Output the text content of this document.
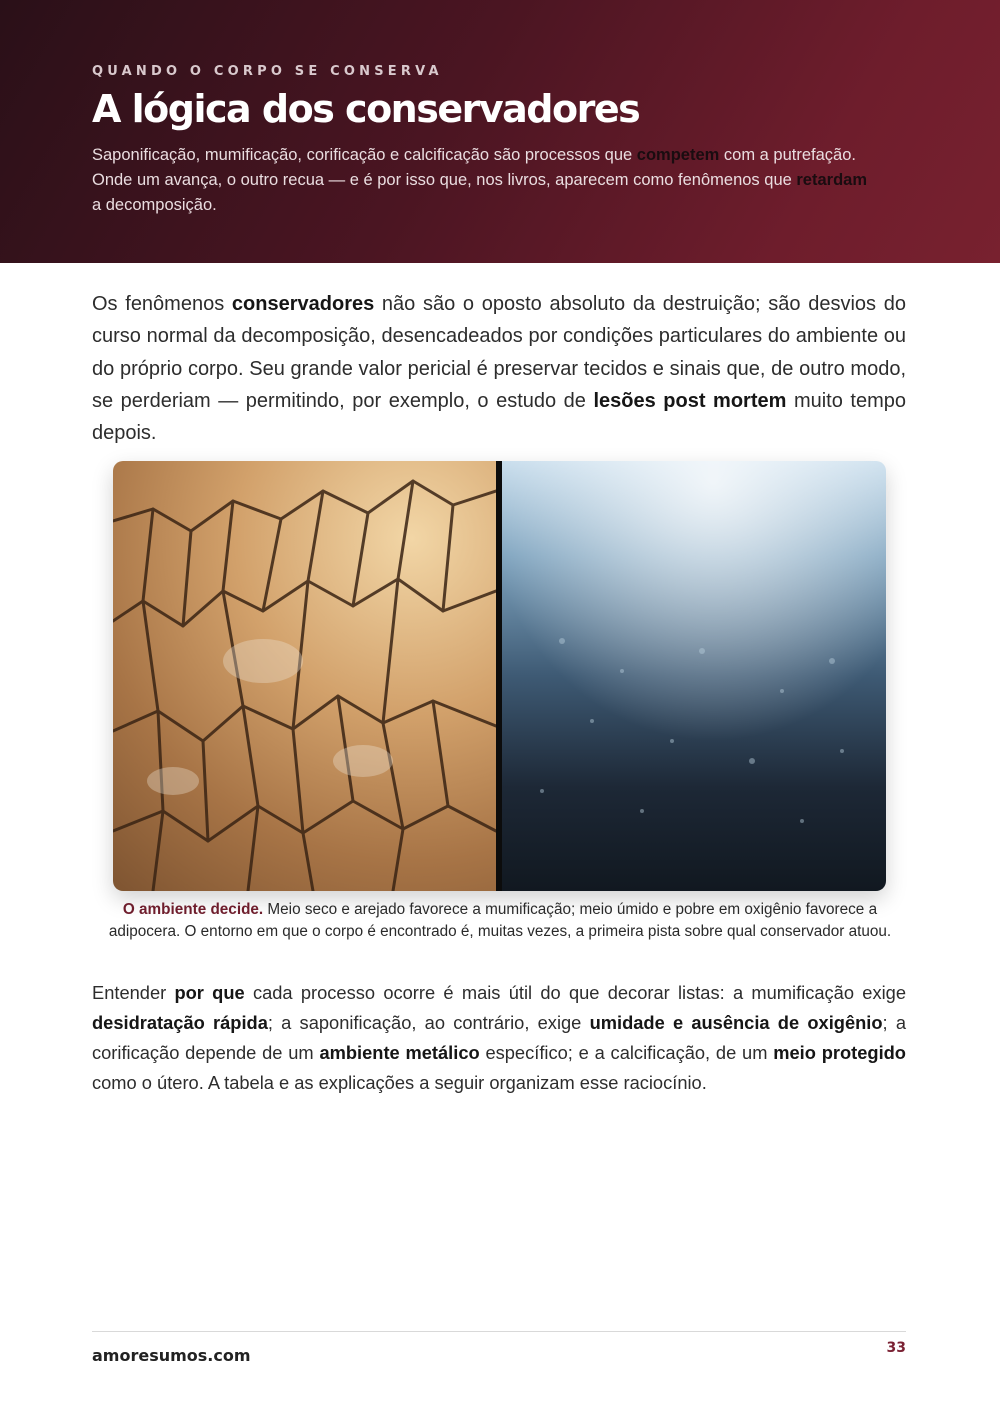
QUANDO O CORPO SE CONSERVA
A lógica dos conservadores

Saponificação, mumificação, corificação e calcificação são processos que competem com a putrefação. Onde um avança, o outro recua — e é por isso que, nos livros, aparecem como fenômenos que retardam a decomposição.

Os fenômenos conservadores não são o oposto absoluto da destruição; são desvios do curso normal da decomposição, desencadeados por condições particulares do ambiente ou do próprio corpo. Seu grande valor pericial é preservar tecidos e sinais que, de outro modo, se perderiam — permitindo, por exemplo, o estudo de lesões post mortem muito tempo depois.

O ambiente decide. Meio seco e arejado favorece a mumificação; meio úmido e pobre em oxigênio favorece a adipocera. O entorno em que o corpo é encontrado é, muitas vezes, a primeira pista sobre qual conservador atuou.

Entender por que cada processo ocorre é mais útil do que decorar listas: a mumificação exige desidratação rápida; a saponificação, ao contrário, exige umidade e ausência de oxigênio; a corificação depende de um ambiente metálico específico; e a calcificação, de um meio protegido como o útero. A tabela e as explicações a seguir organizam esse raciocínio.

amoresumos.com	33
